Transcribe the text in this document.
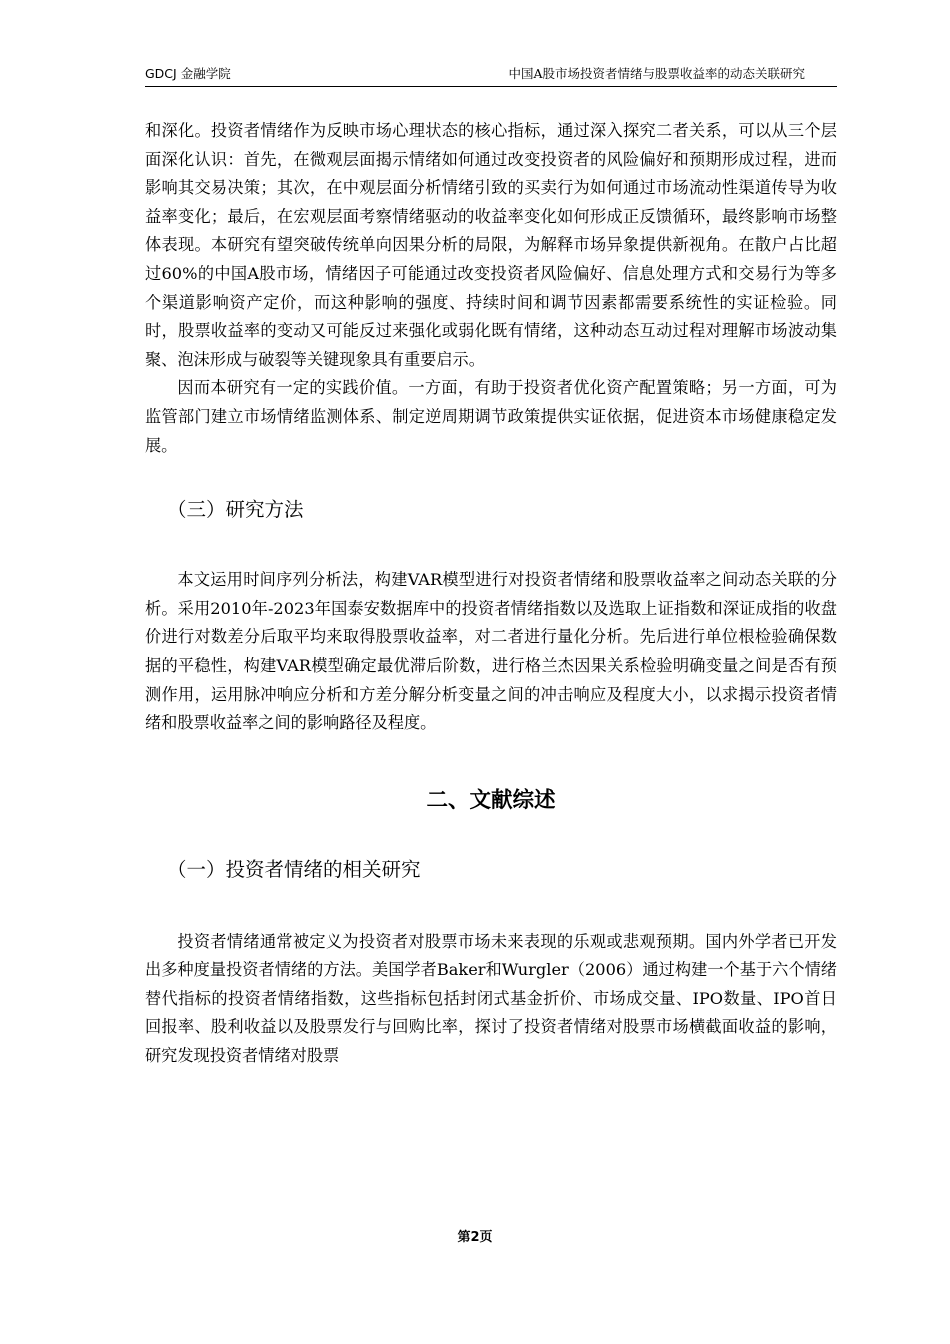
GDCJ 金融学院	中国A股市场投资者情绪与股票收益率的动态关联研究

和深化。投资者情绪作为反映市场心理状态的核心指标，通过深入探究二者关系，可以从三个层面深化认识：首先，在微观层面揭示情绪如何通过改变投资者的风险偏好和预期形成过程，进而影响其交易决策；其次，在中观层面分析情绪引致的买卖行为如何通过市场流动性渠道传导为收益率变化；最后，在宏观层面考察情绪驱动的收益率变化如何形成正反馈循环，最终影响市场整体表现。本研究有望突破传统单向因果分析的局限，为解释市场异象提供新视角。在散户占比超过60%的中国A股市场，情绪因子可能通过改变投资者风险偏好、信息处理方式和交易行为等多个渠道影响资产定价，而这种影响的强度、持续时间和调节因素都需要系统性的实证检验。同时，股票收益率的变动又可能反过来强化或弱化既有情绪，这种动态互动过程对理解市场波动集聚、泡沫形成与破裂等关键现象具有重要启示。

因而本研究有一定的实践价值。一方面，有助于投资者优化资产配置策略；另一方面，可为监管部门建立市场情绪监测体系、制定逆周期调节政策提供实证依据，促进资本市场健康稳定发展。

（三）研究方法

本文运用时间序列分析法，构建VAR模型进行对投资者情绪和股票收益率之间动态关联的分析。采用2010年-2023年国泰安数据库中的投资者情绪指数以及选取上证指数和深证成指的收盘价进行对数差分后取平均来取得股票收益率，对二者进行量化分析。先后进行单位根检验确保数据的平稳性，构建VAR模型确定最优滞后阶数，进行格兰杰因果关系检验明确变量之间是否有预测作用，运用脉冲响应分析和方差分解分析变量之间的冲击响应及程度大小，以求揭示投资者情绪和股票收益率之间的影响路径及程度。

二、文献综述
（一）投资者情绪的相关研究

投资者情绪通常被定义为投资者对股票市场未来表现的乐观或悲观预期。国内外学者已开发出多种度量投资者情绪的方法。美国学者Baker和Wurgler（2006）通过构建一个基于六个情绪替代指标的投资者情绪指数，这些指标包括封闭式基金折价、市场成交量、IPO数量、IPO首日回报率、股利收益以及股票发行与回购比率，探讨了投资者情绪对股票市场横截面收益的影响，研究发现投资者情绪对股票

第2页
